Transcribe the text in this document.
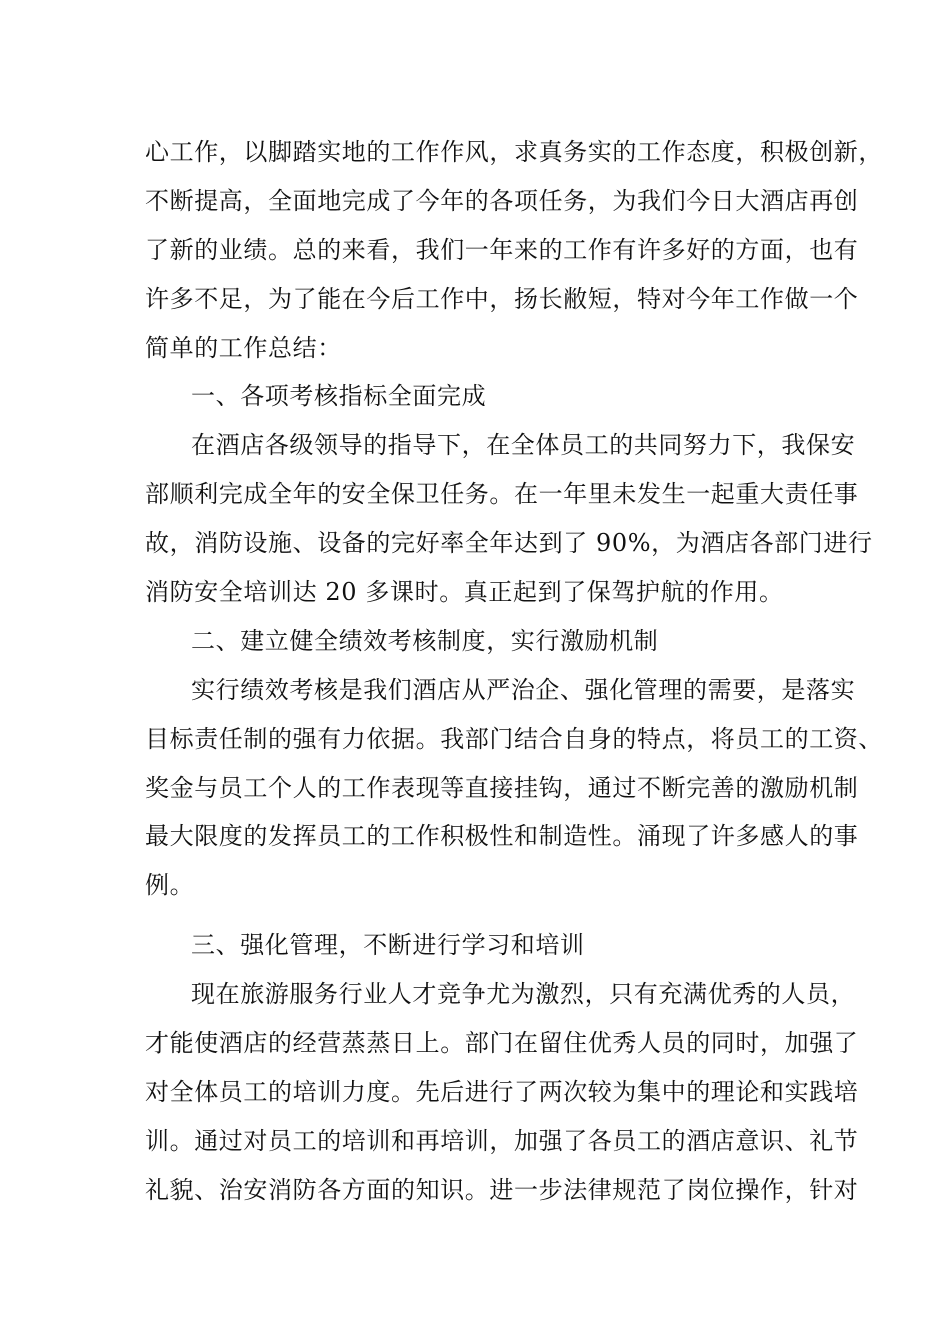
心工作，以脚踏实地的工作作风，求真务实的工作态度，积极创新，
不断提高，全面地完成了今年的各项任务，为我们今日大酒店再创
了新的业绩。总的来看，我们一年来的工作有许多好的方面，也有
许多不足，为了能在今后工作中，扬长敝短，特对今年工作做一个
简单的工作总结：
一、各项考核指标全面完成
在酒店各级领导的指导下，在全体员工的共同努力下，我保安
部顺利完成全年的安全保卫任务。在一年里未发生一起重大责任事
故，消防设施、设备的完好率全年达到了 90%，为酒店各部门进行
消防安全培训达 20 多课时。真正起到了保驾护航的作用。
二、建立健全绩效考核制度，实行激励机制
实行绩效考核是我们酒店从严治企、强化管理的需要，是落实
目标责任制的强有力依据。我部门结合自身的特点，将员工的工资、
奖金与员工个人的工作表现等直接挂钩，通过不断完善的激励机制
最大限度的发挥员工的工作积极性和制造性。涌现了许多感人的事
例。
三、强化管理，不断进行学习和培训
现在旅游服务行业人才竞争尤为激烈，只有充满优秀的人员，
才能使酒店的经营蒸蒸日上。部门在留住优秀人员的同时，加强了
对全体员工的培训力度。先后进行了两次较为集中的理论和实践培
训。通过对员工的培训和再培训，加强了各员工的酒店意识、礼节
礼貌、治安消防各方面的知识。进一步法律规范了岗位操作，针对
